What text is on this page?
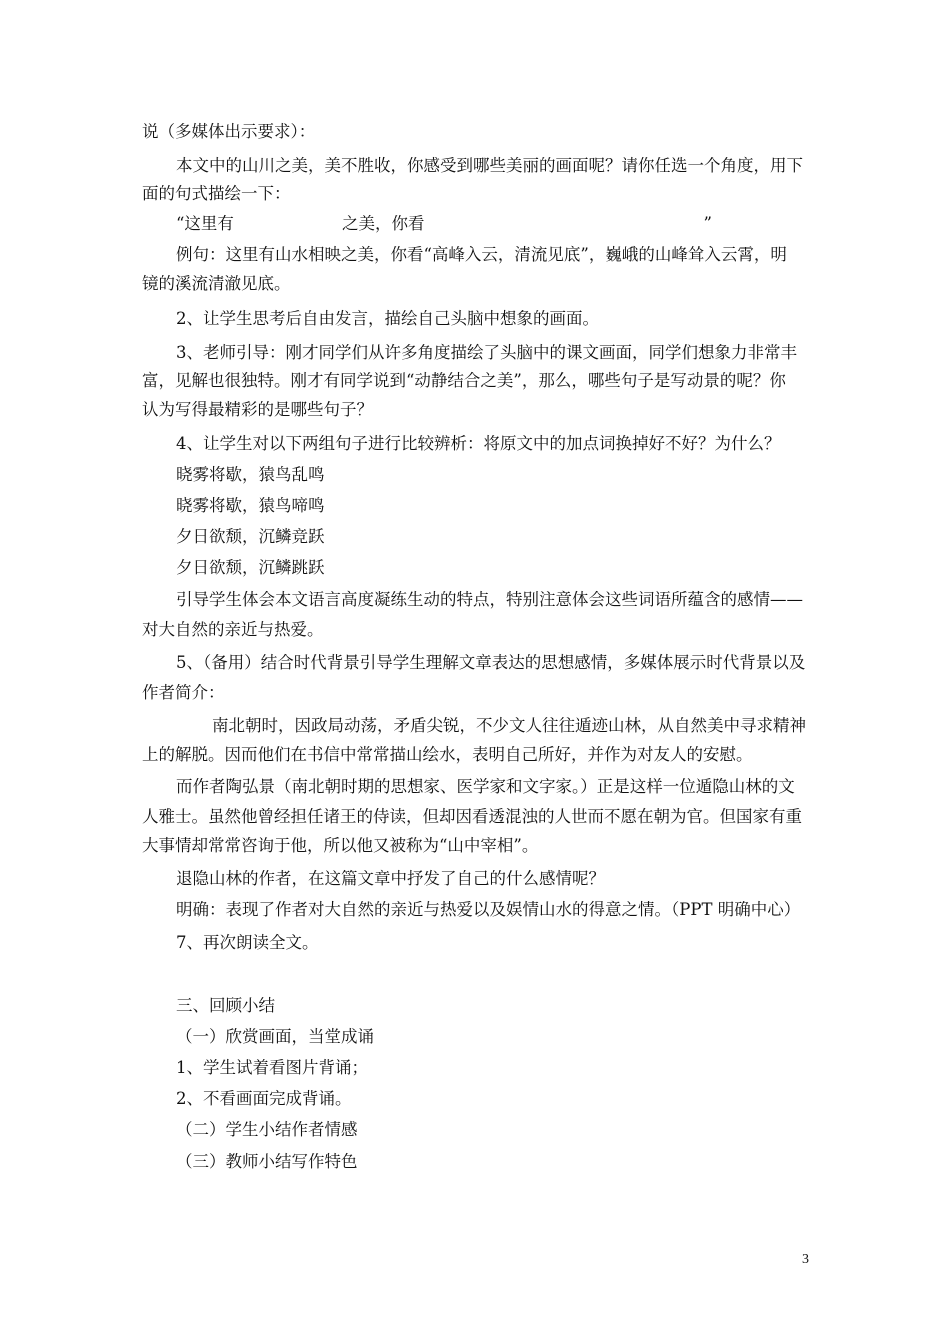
说（多媒体出示要求）：
本文中的山川之美，美不胜收，你感受到哪些美丽的画面呢？请你任选一个角度，用下
面的句式描绘一下：
“这里有	之美，你看	”
例句：这里有山水相映之美，你看“高峰入云，清流见底”，巍峨的山峰耸入云霄，明
镜的溪流清澈见底。
2、让学生思考后自由发言，描绘自己头脑中想象的画面。
3、老师引导：刚才同学们从许多角度描绘了头脑中的课文画面，同学们想象力非常丰
富，见解也很独特。刚才有同学说到“动静结合之美”，那么，哪些句子是写动景的呢？你
认为写得最精彩的是哪些句子？
4、让学生对以下两组句子进行比较辨析：将原文中的加点词换掉好不好？为什么？
晓雾将歇，猿鸟乱鸣
晓雾将歇，猿鸟啼鸣
夕日欲颓，沉鳞竞跃
夕日欲颓，沉鳞跳跃
引导学生体会本文语言高度凝练生动的特点，特别注意体会这些词语所蕴含的感情——
对大自然的亲近与热爱。
5、（备用）结合时代背景引导学生理解文章表达的思想感情，多媒体展示时代背景以及
作者简介：
南北朝时，因政局动荡，矛盾尖锐，不少文人往往遁迹山林，从自然美中寻求精神
上的解脱。因而他们在书信中常常描山绘水，表明自己所好，并作为对友人的安慰。
而作者陶弘景（南北朝时期的思想家、医学家和文字家。）正是这样一位遁隐山林的文
人雅士。虽然他曾经担任诸王的侍读，但却因看透混浊的人世而不愿在朝为官。但国家有重
大事情却常常咨询于他，所以他又被称为“山中宰相”。
退隐山林的作者，在这篇文章中抒发了自己的什么感情呢？
明确：表现了作者对大自然的亲近与热爱以及娱情山水的得意之情。（PPT 明确中心）
7、再次朗读全文。
三、回顾小结
（一）欣赏画面，当堂成诵
1、学生试着看图片背诵；
2、不看画面完成背诵。
（二）学生小结作者情感
（三）教师小结写作特色
3
